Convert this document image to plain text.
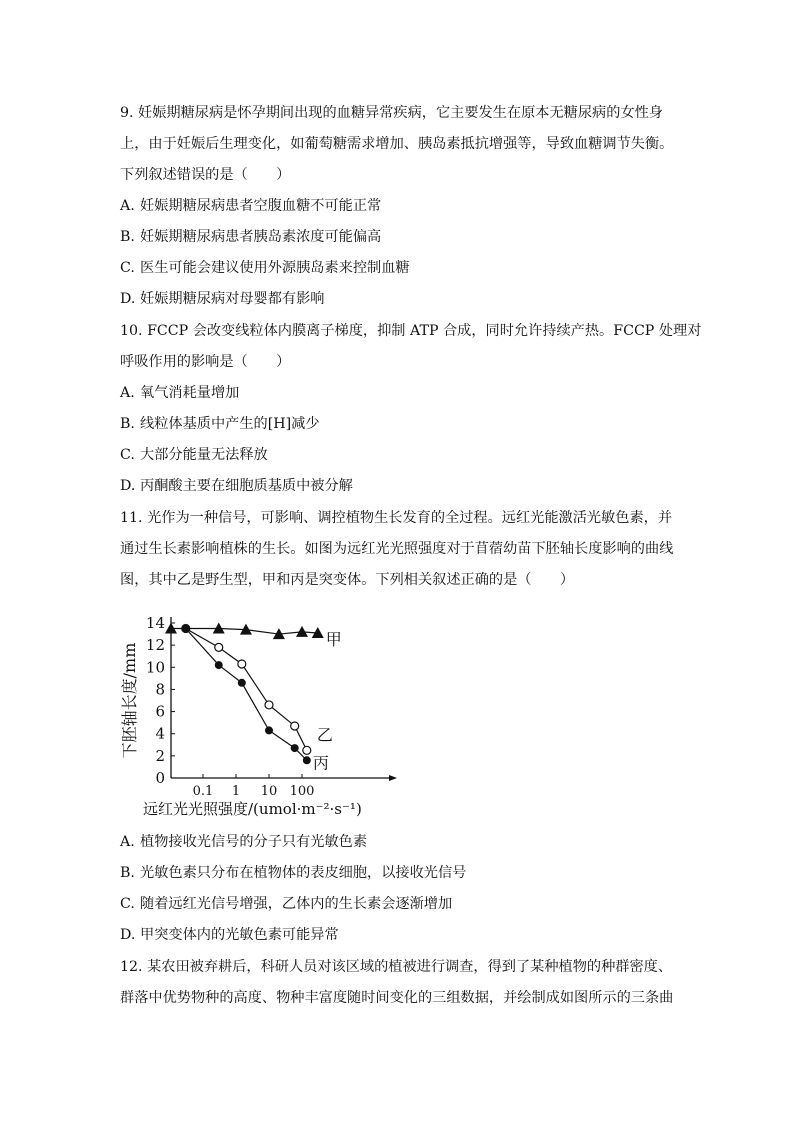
9. 妊娠期糖尿病是怀孕期间出现的血糖异常疾病，它主要发生在原本无糖尿病的女性身
上，由于妊娠后生理变化，如葡萄糖需求增加、胰岛素抵抗增强等，导致血糖调节失衡。
下列叙述错误的是（　　）
A. 妊娠期糖尿病患者空腹血糖不可能正常
B. 妊娠期糖尿病患者胰岛素浓度可能偏高
C. 医生可能会建议使用外源胰岛素来控制血糖
D. 妊娠期糖尿病对母婴都有影响
10. FCCP 会改变线粒体内膜离子梯度，抑制 ATP 合成，同时允许持续产热。FCCP 处理对
呼吸作用的影响是（　　）
A. 氧气消耗量增加
B. 线粒体基质中产生的[H]减少
C. 大部分能量无法释放
D. 丙酮酸主要在细胞质基质中被分解
11. 光作为一种信号，可影响、调控植物生长发育的全过程。远红光能激活光敏色素，并
通过生长素影响植株的生长。如图为远红光光照强度对于苜蓿幼苗下胚轴长度影响的曲线
图，其中乙是野生型，甲和丙是突变体。下列相关叙述正确的是（　　）
0
2
4
6
8
10
12
14
0.1 1 10 100
下胚轴长度/mm
远红光光照强度/(umol·m⁻²·s⁻¹)
甲
乙
丙
A. 植物接收光信号的分子只有光敏色素
B. 光敏色素只分布在植物体的表皮细胞，以接收光信号
C. 随着远红光信号增强，乙体内的生长素会逐渐增加
D. 甲突变体内的光敏色素可能异常
12. 某农田被弃耕后，科研人员对该区域的植被进行调查，得到了某种植物的种群密度、
群落中优势物种的高度、物种丰富度随时间变化的三组数据，并绘制成如图所示的三条曲
